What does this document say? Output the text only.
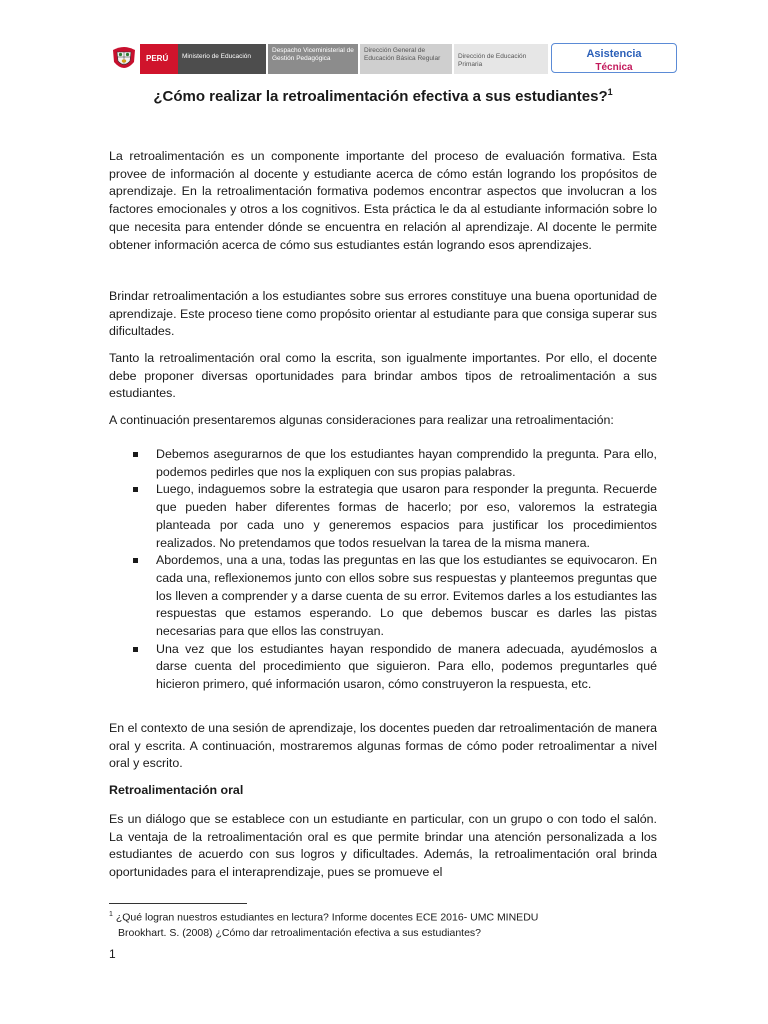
PERÚ	Ministerio de Educación
Despacho Viceministerial de Gestión Pedagógica
Dirección General de Educación Básica Regular	Dirección de Educación Primaria
Asistencia
Técnica
¿Cómo realizar la retroalimentación efectiva a sus estudiantes?$^1$

La retroalimentación es un componente importante del proceso de evaluación formativa. Esta provee de información al docente y estudiante acerca de cómo están logrando los propósitos de aprendizaje. En la retroalimentación formativa podemos encontrar aspectos que involucran a los factores emocionales y otros a los cognitivos. Esta práctica le da al estudiante información sobre lo que necesita para entender dónde se encuentra en relación al aprendizaje. Al docente le permite obtener información acerca de cómo sus estudiantes están logrando esos aprendizajes.

Brindar retroalimentación a los estudiantes sobre sus errores constituye una buena oportunidad de aprendizaje. Este proceso tiene como propósito orientar al estudiante para que consiga superar sus dificultades.

Tanto la retroalimentación oral como la escrita, son igualmente importantes. Por ello, el docente debe proponer diversas oportunidades para brindar ambos tipos de retroalimentación a sus estudiantes.

A continuación presentaremos algunas consideraciones para realizar una retroalimentación:

Debemos asegurarnos de que los estudiantes hayan comprendido la pregunta. Para ello, podemos pedirles que nos la expliquen con sus propias palabras.
Luego, indaguemos sobre la estrategia que usaron para responder la pregunta. Recuerde que pueden haber diferentes formas de hacerlo; por eso, valoremos la estrategia planteada por cada uno y generemos espacios para justificar los procedimientos realizados. No pretendamos que todos resuelvan la tarea de la misma manera.
Abordemos, una a una, todas las preguntas en las que los estudiantes se equivocaron. En cada una, reflexionemos junto con ellos sobre sus respuestas y planteemos preguntas que los lleven a comprender y a darse cuenta de su error. Evitemos darles a los estudiantes las respuestas que estamos esperando. Lo que debemos buscar es darles las pistas necesarias para que ellos las construyan.
Una vez que los estudiantes hayan respondido de manera adecuada, ayudémoslos a darse cuenta del procedimiento que siguieron. Para ello, podemos preguntarles qué hicieron primero, qué información usaron, cómo construyeron la respuesta, etc.

En el contexto de una sesión de aprendizaje, los docentes pueden dar retroalimentación de manera oral y escrita. A continuación, mostraremos algunas formas de cómo poder retroalimentar a nivel oral y escrito.

Retroalimentación oral

Es un diálogo que se establece con un estudiante en particular, con un grupo o con todo el salón. La ventaja de la retroalimentación oral es que permite brindar una atención personalizada a los estudiantes de acuerdo con sus logros y dificultades. Además, la retroalimentación oral brinda oportunidades para el interaprendizaje, pues se promueve el

$^1$ ¿Qué logran nuestros estudiantes en lectura? Informe docentes ECE 2016- UMC MINEDU
Brookhart. S. (2008) ¿Cómo dar retroalimentación efectiva a sus estudiantes?

1
